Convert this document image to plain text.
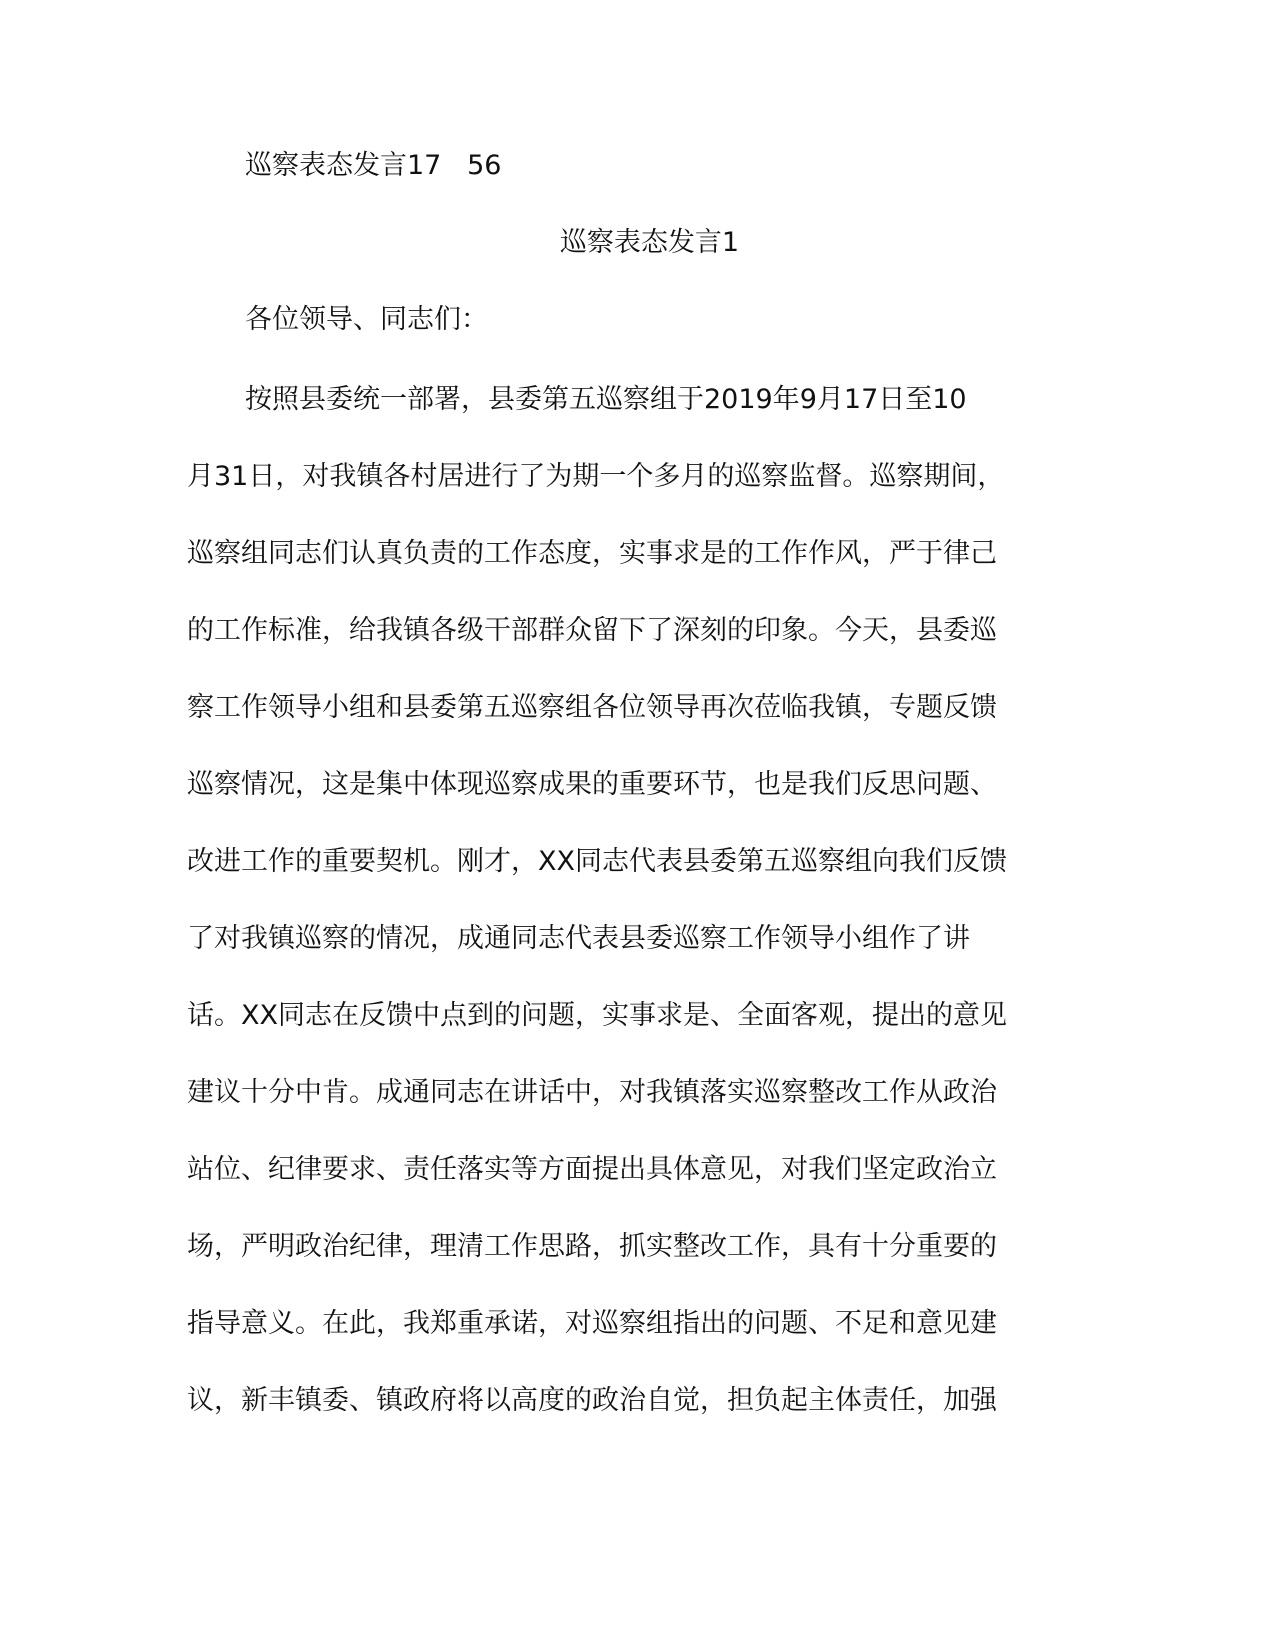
巡察表态发言17   56
巡察表态发言1
各位领导、同志们：
按照县委统一部署，县委第五巡察组于2019年9月17日至10
月31日，对我镇各村居进行了为期一个多月的巡察监督。巡察期间，
巡察组同志们认真负责的工作态度，实事求是的工作作风，严于律己
的工作标准，给我镇各级干部群众留下了深刻的印象。今天，县委巡
察工作领导小组和县委第五巡察组各位领导再次莅临我镇，专题反馈
巡察情况，这是集中体现巡察成果的重要环节，也是我们反思问题、
改进工作的重要契机。刚才，XX同志代表县委第五巡察组向我们反馈
了对我镇巡察的情况，成通同志代表县委巡察工作领导小组作了讲
话。XX同志在反馈中点到的问题，实事求是、全面客观，提出的意见
建议十分中肯。成通同志在讲话中，对我镇落实巡察整改工作从政治
站位、纪律要求、责任落实等方面提出具体意见，对我们坚定政治立
场，严明政治纪律，理清工作思路，抓实整改工作，具有十分重要的
指导意义。在此，我郑重承诺，对巡察组指出的问题、不足和意见建
议，新丰镇委、镇政府将以高度的政治自觉，担负起主体责任，加强
